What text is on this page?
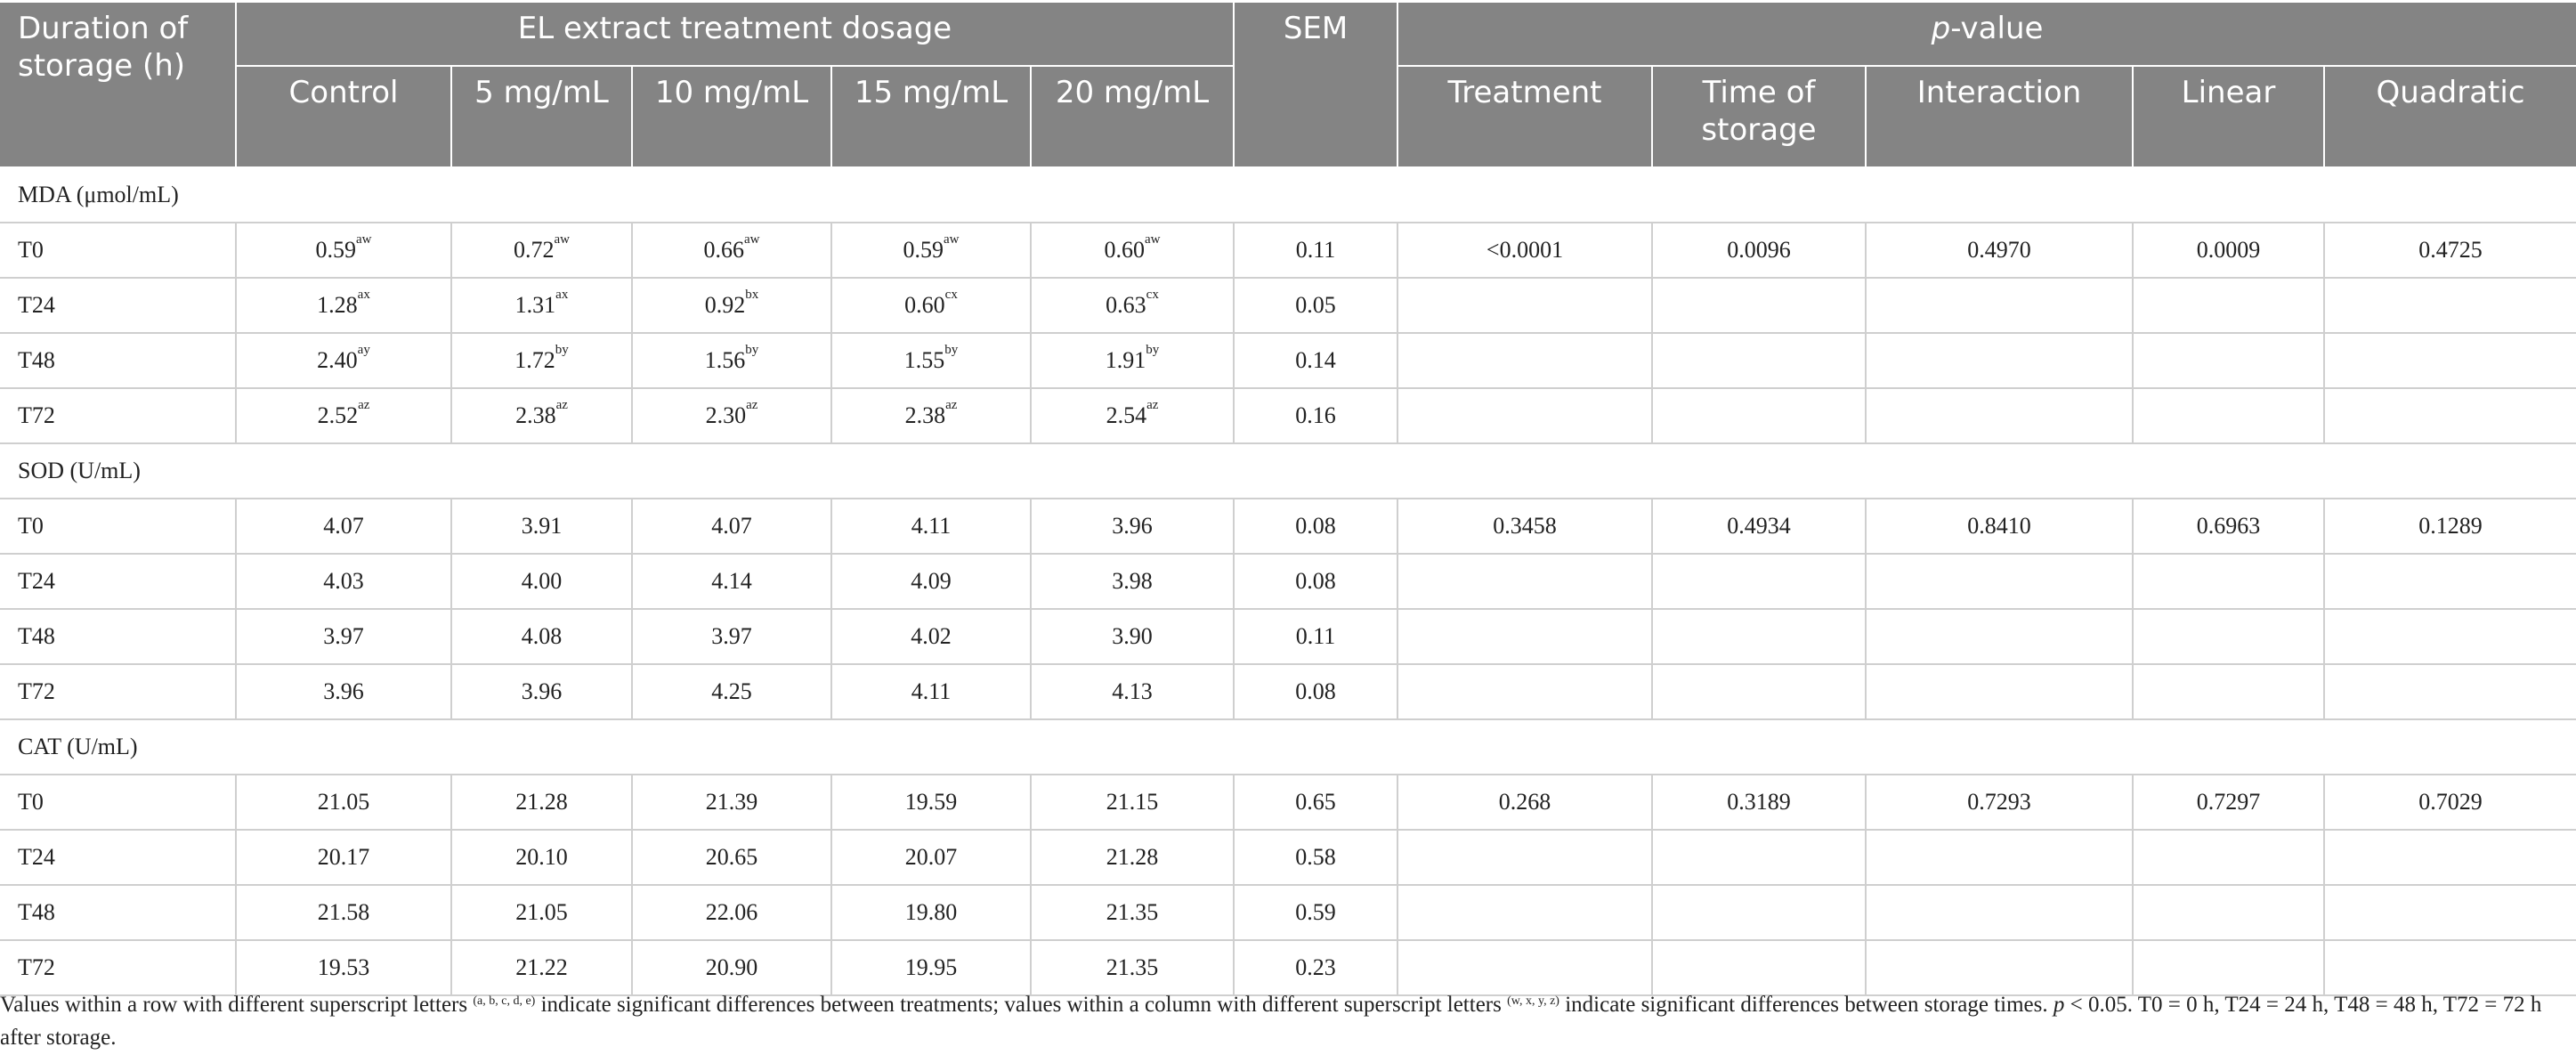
Duration of storage (h)	EL extract treatment dosage					SEM	p-value				
	Control	5 mg/mL	10 mg/mL	15 mg/mL	20 mg/mL		Treatment	Time of storage	Interaction	Linear	Quadratic
MDA (μmol/mL)											
T0	$0.59^{aw}$	$0.72^{aw}$	$0.66^{aw}$	$0.59^{aw}$	$0.60^{aw}$	0.11	<0.0001	0.0096	0.4970	0.0009	0.4725
T24	$1.28^{ax}$	$1.31^{ax}$	$0.92^{bx}$	$0.60^{cx}$	$0.63^{cx}$	0.05					
T48	$2.40^{ay}$	$1.72^{by}$	$1.56^{by}$	$1.55^{by}$	$1.91^{by}$	0.14					
T72	$2.52^{az}$	$2.38^{az}$	$2.30^{az}$	$2.38^{az}$	$2.54^{az}$	0.16					
SOD (U/mL)											
T0	4.07	3.91	4.07	4.11	3.96	0.08	0.3458	0.4934	0.8410	0.6963	0.1289
T24	4.03	4.00	4.14	4.09	3.98	0.08					
T48	3.97	4.08	3.97	4.02	3.90	0.11					
T72	3.96	3.96	4.25	4.11	4.13	0.08					
CAT (U/mL)											
T0	21.05	21.28	21.39	19.59	21.15	0.65	0.268	0.3189	0.7293	0.7297	0.7029
T24	20.17	20.10	20.65	20.07	21.28	0.58					
T48	21.58	21.05	22.06	19.80	21.35	0.59					
T72	19.53	21.22	20.90	19.95	21.35	0.23					
Values within a row with different superscript letters $^{(a, b, c, d, e)}$ indicate significant differences between treatments; values within a column with different superscript letters $^{(w, x, y, z)}$ indicate significant differences between storage times. p < 0.05. T0 = 0 h, T24 = 24 h, T48 = 48 h, T72 = 72 h after storage.
